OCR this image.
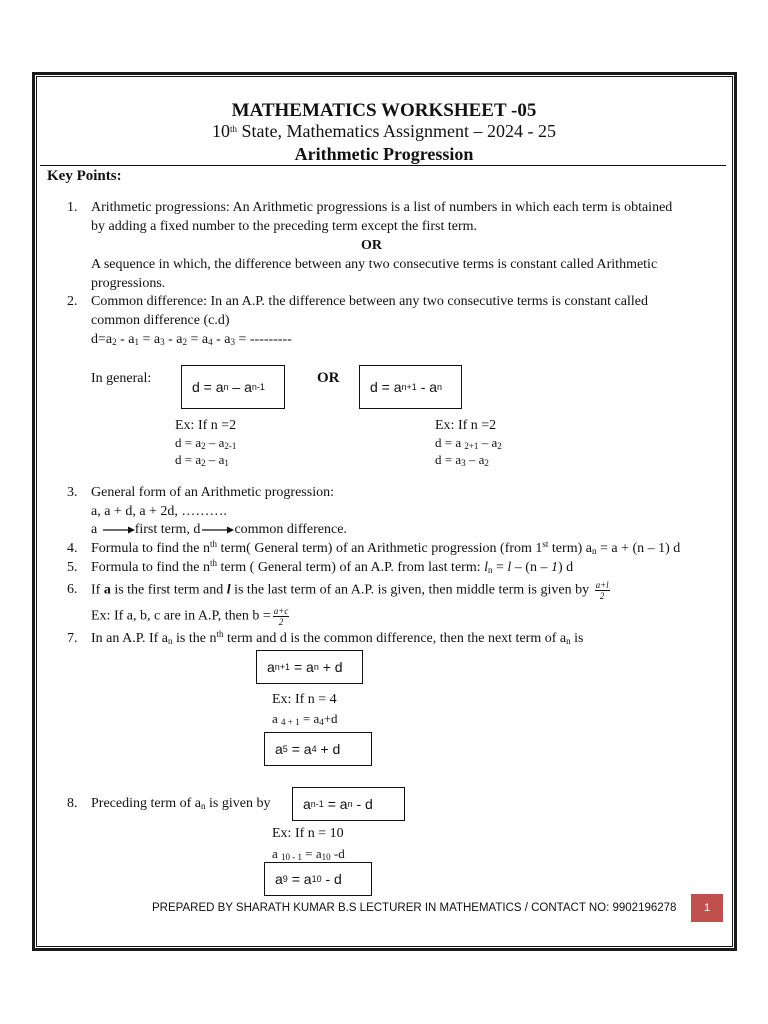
MATHEMATICS WORKSHEET -05
10th State, Mathematics Assignment – 2024 - 25
Arithmetic Progression
Key Points:
1. Arithmetic progressions: An Arithmetic progressions is a list of numbers in which each term is obtained
by adding a fixed number to the preceding term except the first term.
OR
A sequence in which, the difference between any two consecutive terms is constant called Arithmetic
progressions.
2. Common difference: In an A.P. the difference between any two consecutive terms is constant called
common difference (c.d)
$d=a_2 - a_1 = a_3 - a_2 = a_4 - a_3$ = ---------
In general:
d = a n – a n-1
OR
d = a n+1 - a n
Ex: If n =2
$d = a_2 - a_{2-1}$
$d = a_2 - a_1$
Ex: If n =2
d = a $_{2+1} - a_2$
$d = a_3 - a_2$
3. General form of an Arithmetic progression:
a, a + d, a + 2d, ……….
a	first term, d common difference.
4. Formula to find the $n^{th}$ term( General term) of an Arithmetic progression (from 1st term) $a_n = a + (n - 1)$ d
5. Formula to find the $n^{th}$ term ( General term) of an A.P. from last term: $l_n = l - (n - 1)$ d
6. If a is the first term and l is the last term of an A.P. is given, then middle term is given by $\frac{a+l}{2}$
Ex: If a, b, c are in A.P, then $b = \frac{a+c}{2}$
7. In an A.P. If $a_n$ is the $n^{th}$ term and d is the common difference, then the next term of $a_n$ is
a n+1 = a n + d
Ex: If n = 4
a $_{4 + 1} = a_4+d$
a 5 = a 4 + d
8. Preceding term of $a_n$ is given by	a n-1 = a n - d
Ex: If n = 10
a $_{10 - 1} = a_{10}$ -d
a 9 = a 10 - d
PREPARED BY SHARATH KUMAR B.S LECTURER IN MATHEMATICS / CONTACT NO: 9902196278	1
